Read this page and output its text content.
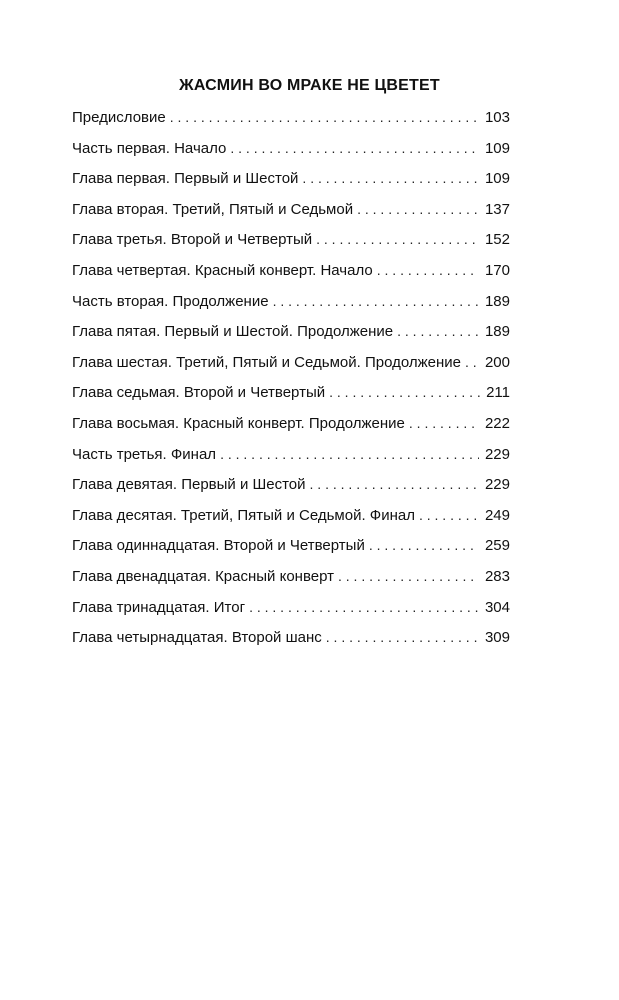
ЖАСМИН ВО МРАКЕ НЕ ЦВЕТЕТ
Предисловие . . .	103
Часть первая. Начало . . .	109
Глава первая. Первый и Шестой . . .	109
Глава вторая. Третий, Пятый и Седьмой . . .	137
Глава третья. Второй и Четвертый . . .	152
Глава четвертая. Красный конверт. Начало . . .	170
Часть вторая. Продолжение . . .	189
Глава пятая. Первый и Шестой. Продолжение . . .	189
Глава шестая. Третий, Пятый и Седьмой. Продолжение . . .	200
Глава седьмая. Второй и Четвертый . . .	211
Глава восьмая. Красный конверт. Продолжение . . .	222
Часть третья. Финал . . .	229
Глава девятая. Первый и Шестой . . .	229
Глава десятая. Третий, Пятый и Седьмой. Финал . . .	249
Глава одиннадцатая. Второй и Четвертый . . .	259
Глава двенадцатая. Красный конверт . . .	283
Глава тринадцатая. Итог . . .	304
Глава четырнадцатая. Второй шанс . . .	309
